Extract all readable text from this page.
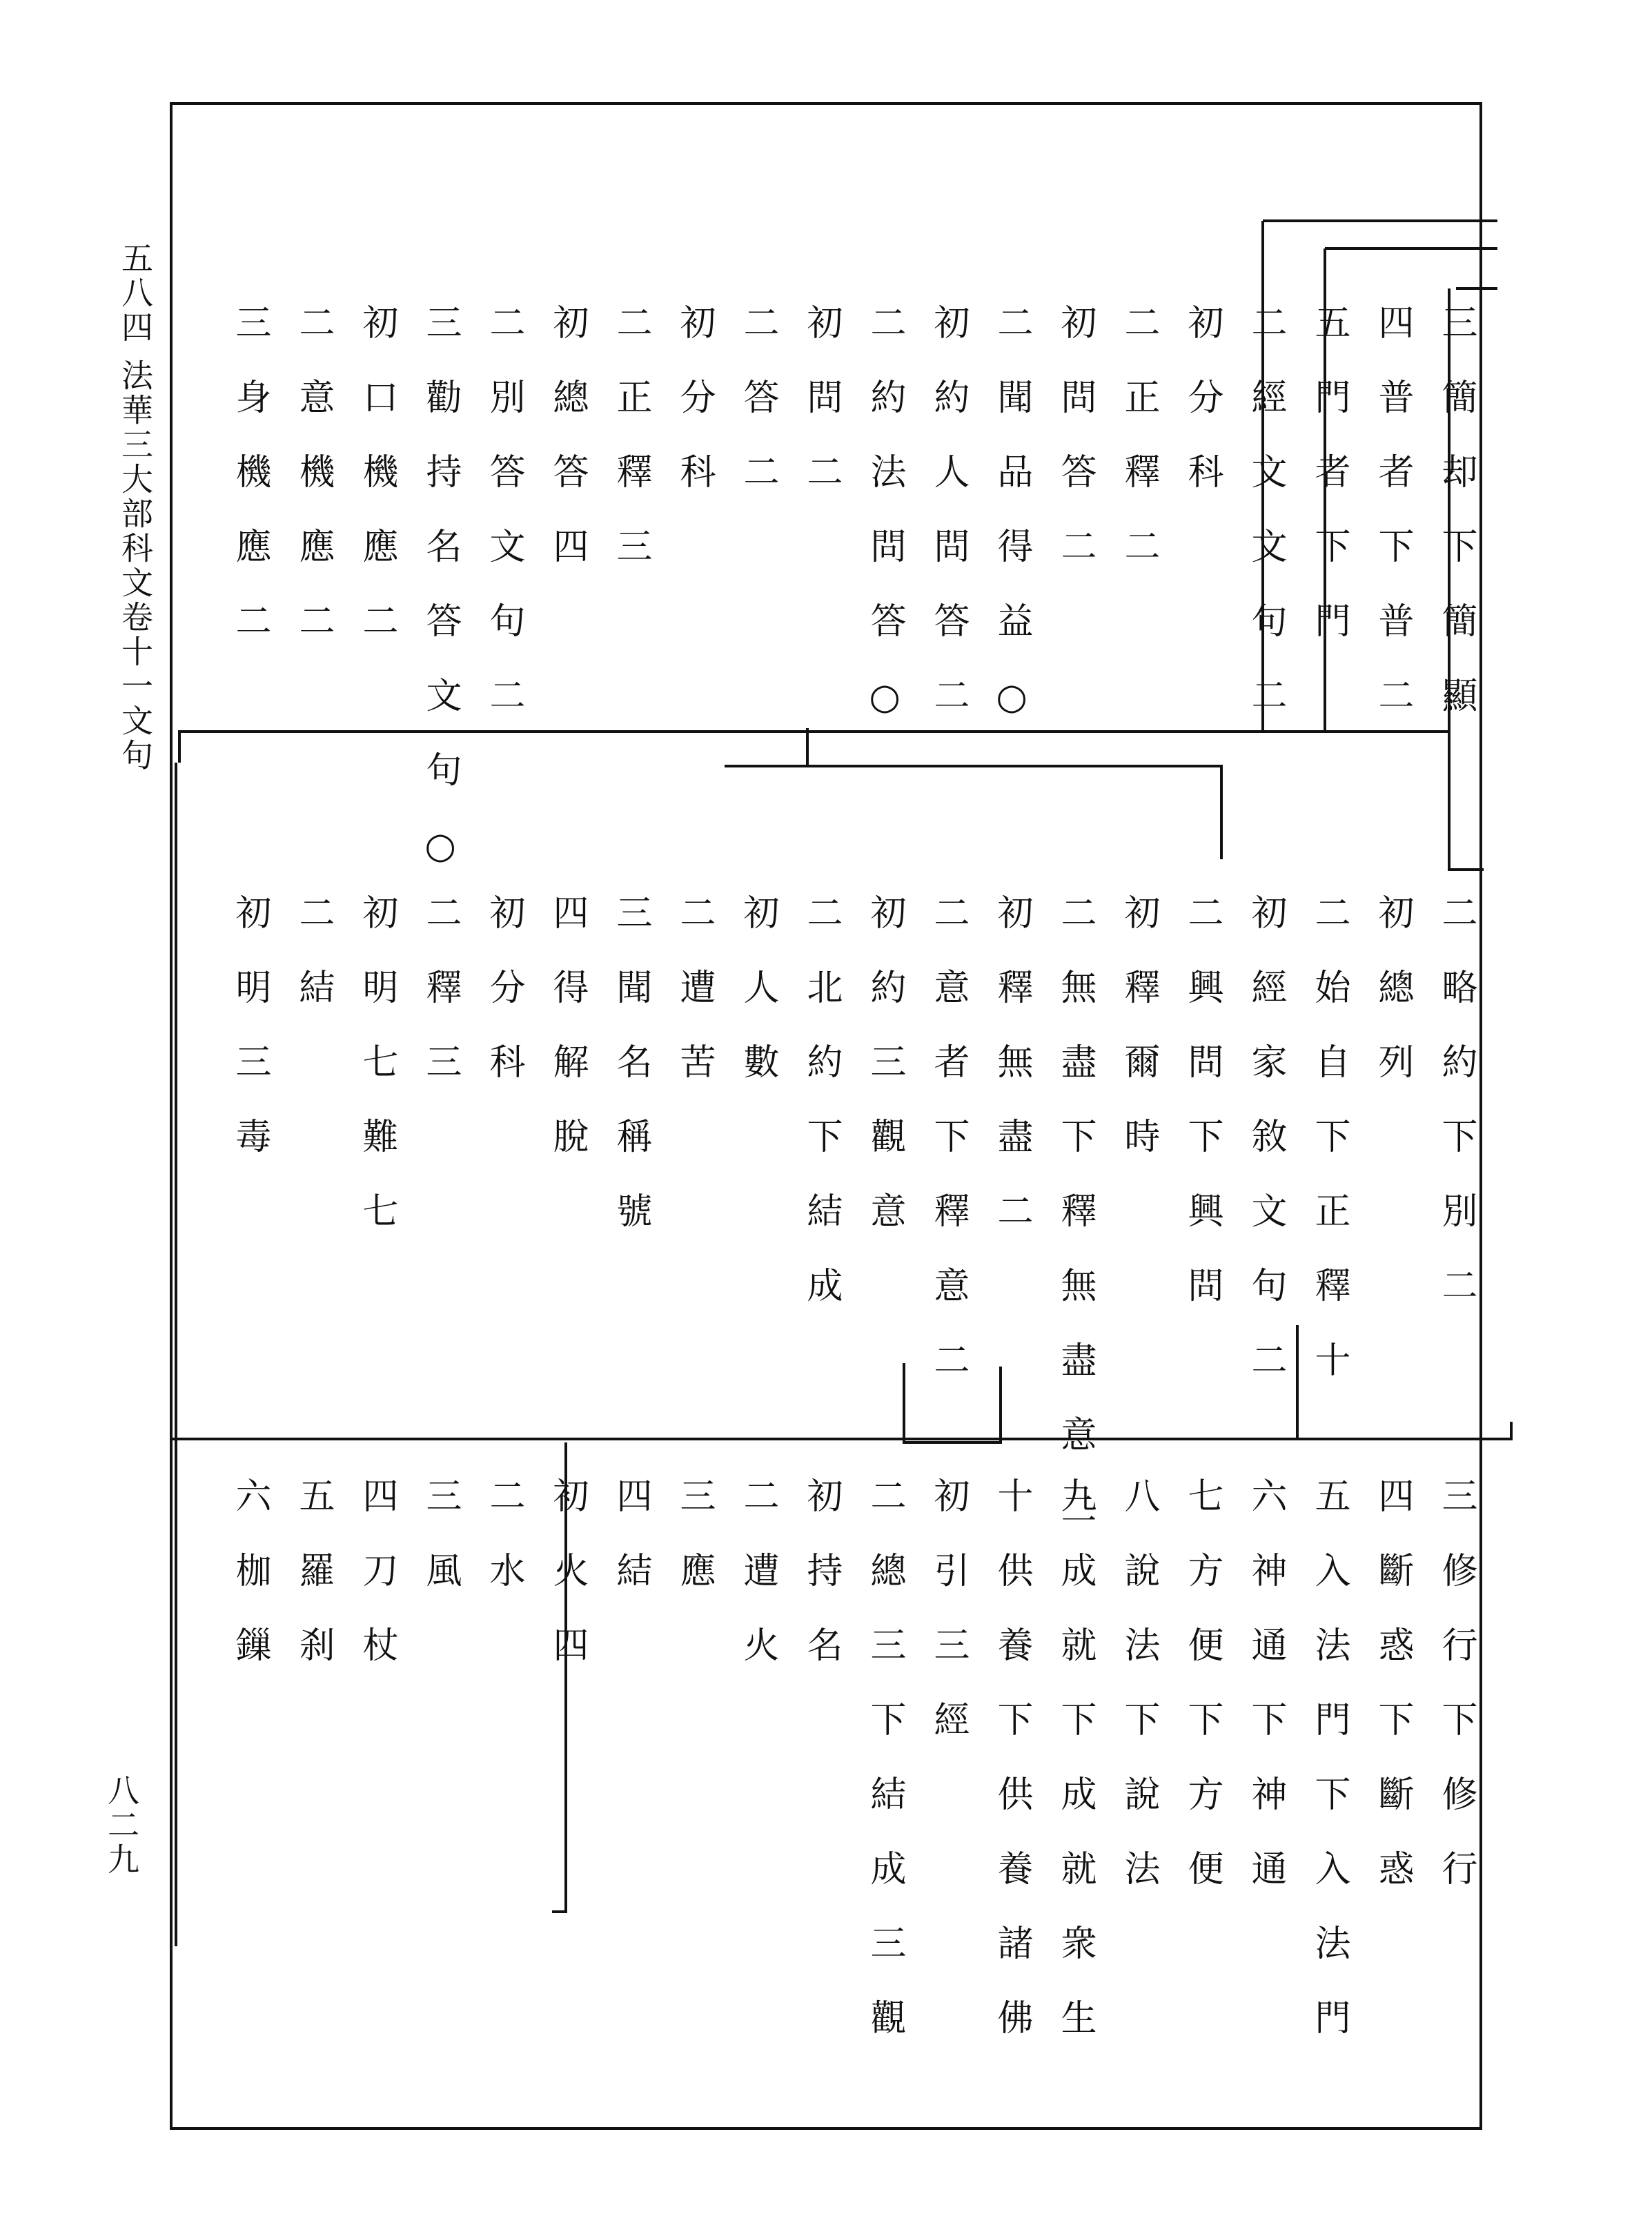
五八四
法華三大部科文卷十一文句
八二九
三簡却下簡顯
四普者下普二
五門者下門
二經文文句二
初分科
二正釋二
初問答二
二聞品得益○
初約人問答二
二約法問答○
初問二
二答二
初分科
二正釋三
初總答四
二別答文句二
三勸持名答文句○
初口機應二
二意機應二
三身機應二
二略約下別二
初總列
二始自下正釋十
初經家敘文句二
二興問下興問
初釋爾時
二無盡下釋無盡意二
初釋無盡二
二意者下釋意二
初約三觀意
二北約下結成
初人數
二遭苦
三聞名稱號
四得解脫
初分科
二釋三
初明七難七
二結
初明三毒
三修行下修行
四斷惑下斷惑
五入法門下入法門
六神通下神通
七方便下方便
八說法下說法
九成就下成就衆生
十供養下供養諸佛
初引三經
二總三下結成三觀
初持名
二遭火
三應
四結
初火四
二水
三風
四刀杖
五羅刹
六枷鏁
